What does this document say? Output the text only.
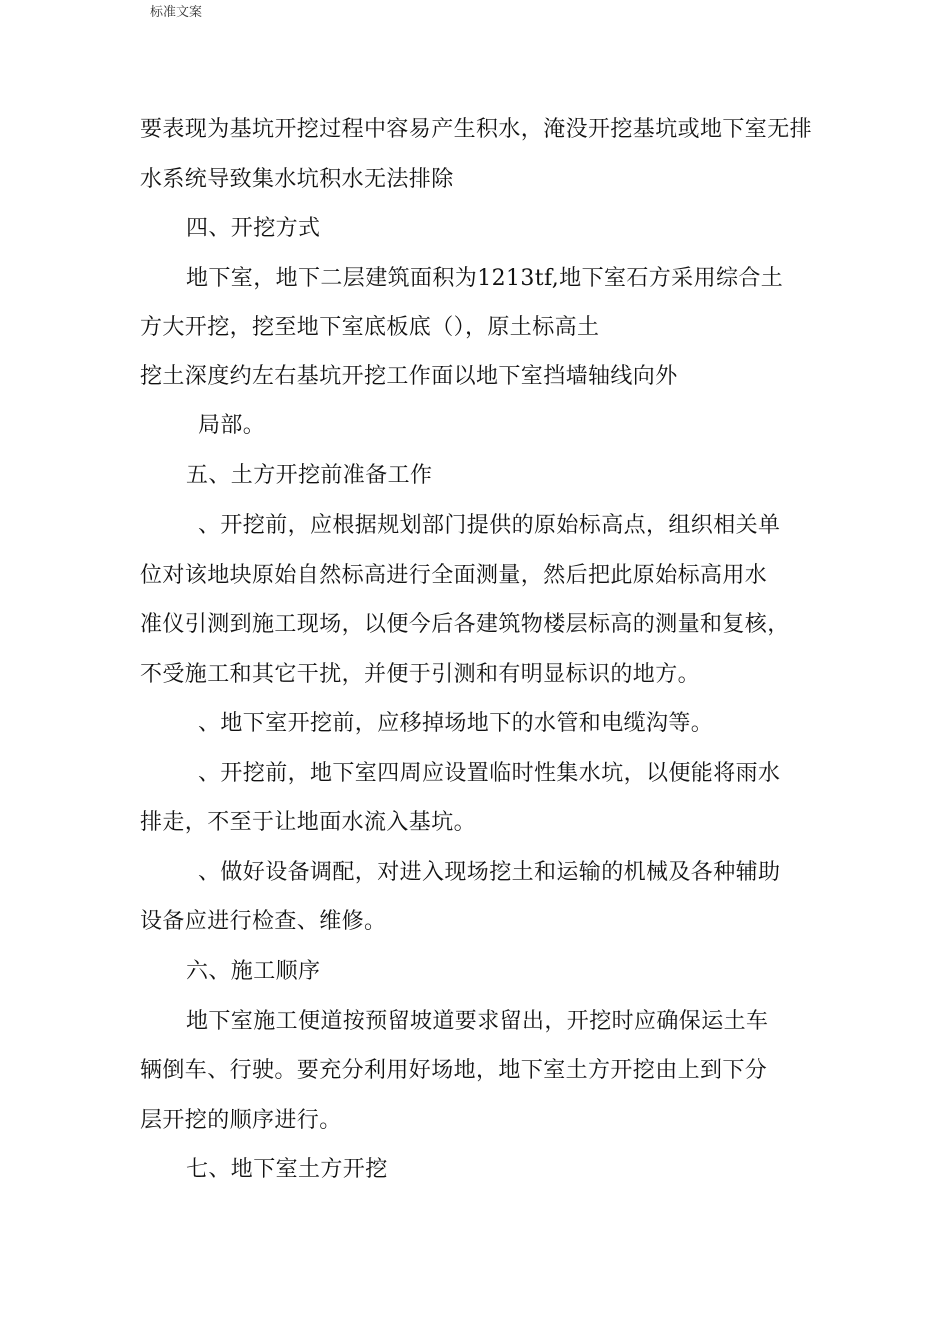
标准文案
要表现为基坑开挖过程中容易产生积水，淹没开挖基坑或地下室无排
水系统导致集水坑积水无法排除
四、开挖方式
地下室，地下二层建筑面积为1213tf,地下室石方采用综合土
方大开挖，挖至地下室底板底（），原土标高土
挖土深度约左右基坑开挖工作面以地下室挡墙轴线向外
局部。
五、土方开挖前准备工作
、开挖前，应根据规划部门提供的原始标高点，组织相关单
位对该地块原始自然标高进行全面测量，然后把此原始标高用水
准仪引测到施工现场，以便今后各建筑物楼层标高的测量和复核，
不受施工和其它干扰，并便于引测和有明显标识的地方。
、地下室开挖前，应移掉场地下的水管和电缆沟等。
、开挖前，地下室四周应设置临时性集水坑，以便能将雨水
排走，不至于让地面水流入基坑。
、做好设备调配，对进入现场挖土和运输的机械及各种辅助
设备应进行检查、维修。
六、施工顺序
地下室施工便道按预留坡道要求留出，开挖时应确保运土车
辆倒车、行驶。要充分利用好场地，地下室土方开挖由上到下分
层开挖的顺序进行。
七、地下室土方开挖
